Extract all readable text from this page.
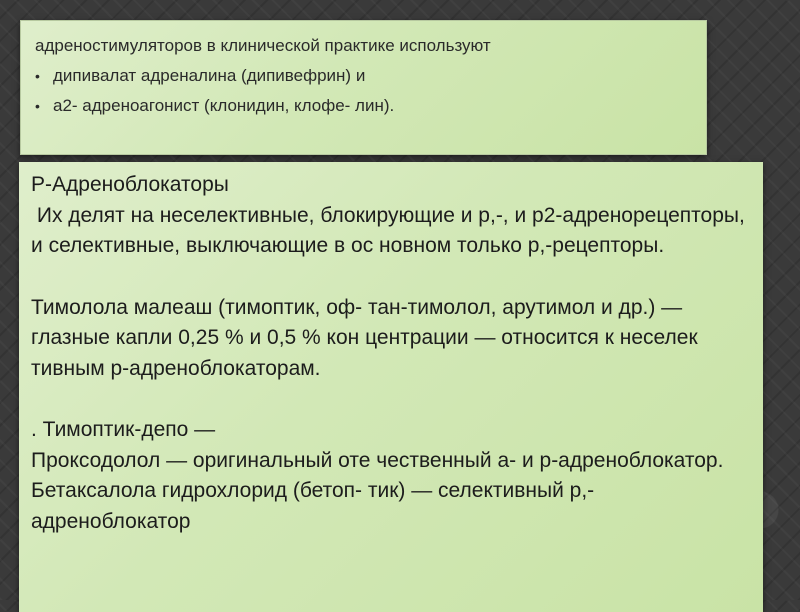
адреностимуляторов в клинической практике используют
• дипивалат адреналина (дипивефрин) и
• а2- адреноагонист (клонидин, клофе- лин).

Р-Адреноблокаторы

Их делят на неселективные, блокирующие и р,-, и р2-адренорецепторы, и селективные, выключающие в ос новном только р,-рецепторы.

Тимолола малеаш (тимоптик, оф- тан-тимолол, арутимол и др.) — глазные капли 0,25 % и 0,5 % кон центрации — относится к неселек тивным р-адреноблокаторам.

. Тимоптик-депо —

Проксодолол — оригинальный оте чественный а- и р-адреноблокатор.

Бетаксалола гидрохлорид (бетоп- тик) — селективный р,-адреноблокатор
